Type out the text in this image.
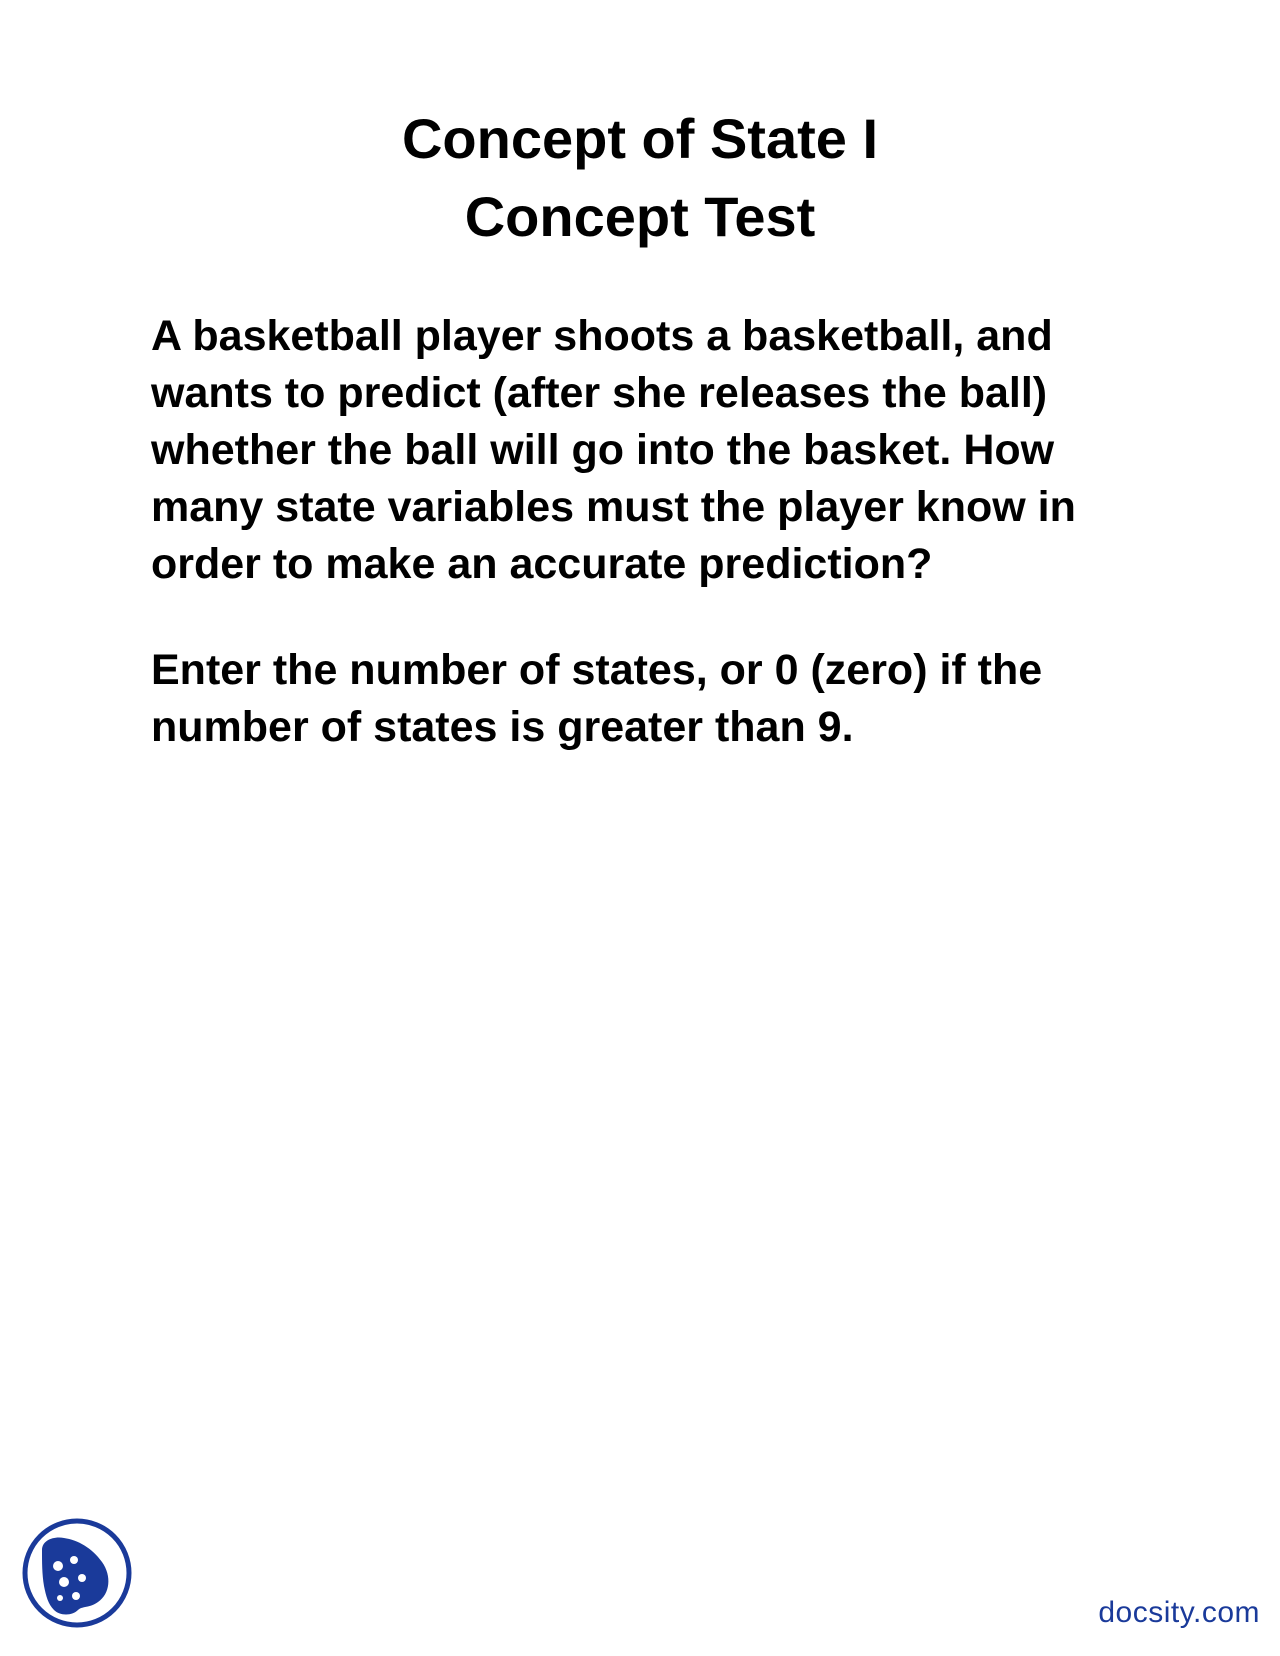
Concept of State I
Concept Test
A basketball player shoots a basketball, and
wants to predict (after she releases the ball)
whether the ball will go into the basket. How
many state variables must the player know in
order to make an accurate prediction?
Enter the number of states, or 0 (zero) if the
number of states is greater than 9.
docsity.com
